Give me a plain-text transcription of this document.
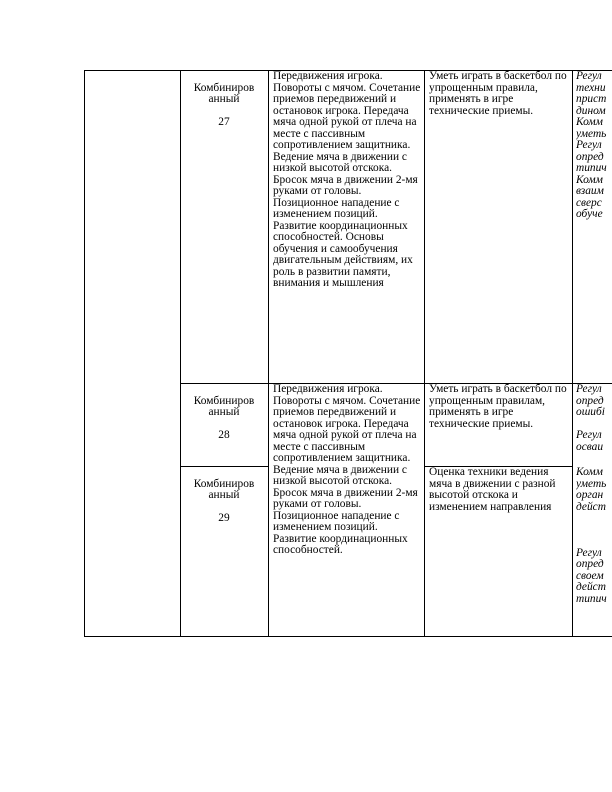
Комбиниров
анный

27

Передвижения игрока. Повороты с мячом. Сочетание приемов передвижений и остановок игрока. Передача мяча одной рукой от плеча на месте с пассивным сопротивлением защитника. Ведение мяча в движении с низкой высотой отскока. Бросок мяча в движении 2-мя руками от головы. Позиционное нападение с изменением позиций. Развитие координационных способностей. Основы обучения и самообучения двигательным действиям, их роль в развитии памяти, внимания и мышления
Уметь играть в баскетбол по упрощенным правила, применять в игре технические приемы.
Регул
техни
прист
дином
Комм
уметь
Регул
опред
типич
Комм
взаим
сверс
обуче

Комбиниров
анный

28

Передвижения игрока. Повороты с мячом. Сочетание приемов передвижений и остановок игрока. Передача мяча одной рукой от плеча на месте с пассивным сопротивлением защитника. Ведение мяча в движении с низкой высотой отскока. Бросок мяча в движении 2-мя руками от головы. Позиционное нападение с изменением позиций. Развитие координационных способностей.
Уметь играть в баскетбол по упрощенным правилам, применять в игре технические приемы.
Регул
опред
ошибі

Регул
осваи

Комбиниров
анный

29

Оценка техники ведения мяча в движении с разной высотой отскока и изменением направления
Комм
уметь
орган
дейст

Регул
опред
своем
дейст
типич
